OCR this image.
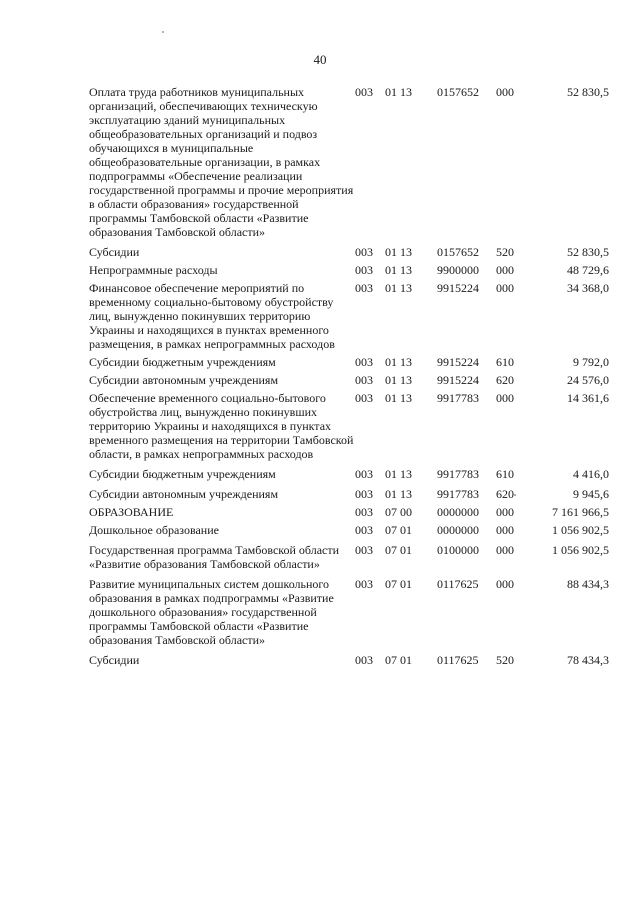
40
Оплата труда работников муниципальных организаций, обеспечивающих техническую эксплуатацию зданий муниципальных общеобразовательных организаций и подвоз обучающихся в муниципальные общеобразовательные организации, в рамках подпрограммы «Обеспечение реализации государственной программы и прочие мероприятия в области образования» государственной программы Тамбовской области «Развитие образования Тамбовской области»	003	01 13	0157652	000	52 830,5
Субсидии	003	01 13	0157652	520	52 830,5
Непрограммные расходы	003	01 13	9900000	000	48 729,6
Финансовое обеспечение мероприятий по временному социально-бытовому обустройству лиц, вынужденно покинувших территорию Украины и находящихся в пунктах временного размещения, в рамках непрограммных расходов	003	01 13	9915224	000	34 368,0
Субсидии бюджетным учреждениям	003	01 13	9915224	610	9 792,0
Субсидии автономным учреждениям	003	01 13	9915224	620	24 576,0
Обеспечение временного социально-бытового обустройства лиц, вынужденно покинувших территорию Украины и находящихся в пунктах временного размещения на территории Тамбовской области, в рамках непрограммных расходов	003	01 13	9917783	000	14 361,6
Субсидии бюджетным учреждениям	003	01 13	9917783	610	4 416,0
Субсидии автономным учреждениям	003	01 13	9917783	620	9 945,6
ОБРАЗОВАНИЕ	003	07 00	0000000	000	7 161 966,5
Дошкольное образование	003	07 01	0000000	000	1 056 902,5
Государственная программа Тамбовской области «Развитие образования Тамбовской области»	003	07 01	0100000	000	1 056 902,5
Развитие муниципальных систем дошкольного образования в рамках подпрограммы «Развитие дошкольного образования» государственной программы Тамбовской области «Развитие образования Тамбовской области»	003	07 01	0117625	000	88 434,3
Субсидии	003	07 01	0117625	520	78 434,3
